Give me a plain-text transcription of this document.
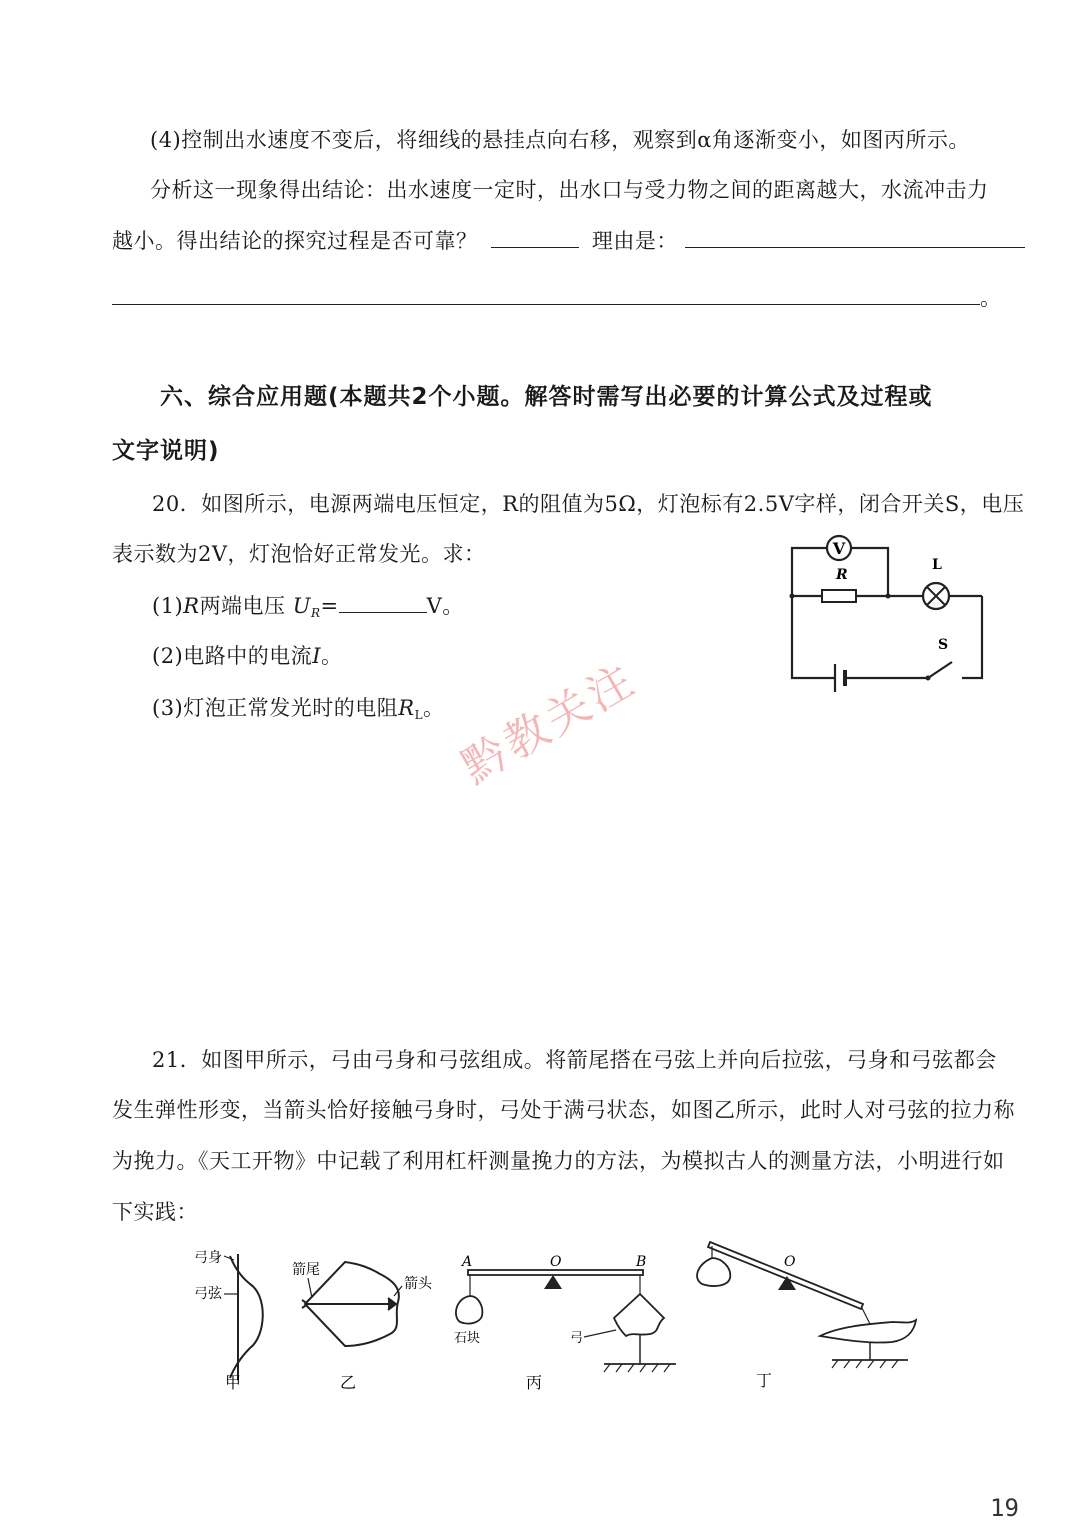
(4)控制出水速度不变后，将细线的悬挂点向右移，观察到α角逐渐变小，如图丙所示。
分析这一现象得出结论：出水速度一定时，出水口与受力物之间的距离越大，水流冲击力
越小。得出结论的探究过程是否可靠？	理由是：
。
六、综合应用题(本题共2个小题。解答时需写出必要的计算公式及过程或
文字说明)
20．如图所示，电源两端电压恒定，R的阻值为5Ω，灯泡标有2.5V字样，闭合开关S，电压
表示数为2V，灯泡恰好正常发光。求：
(1)R两端电压 $U_R=$	V。
(2)电路中的电流I。
(3)灯泡正常发光时的电阻$R_L$。
V
R
L
S
黔教关注
21．如图甲所示，弓由弓身和弓弦组成。将箭尾搭在弓弦上并向后拉弦，弓身和弓弦都会
发生弹性形变，当箭头恰好接触弓身时，弓处于满弓状态，如图乙所示，此时人对弓弦的拉力称
为挽力。《天工开物》中记载了利用杠杆测量挽力的方法，为模拟古人的测量方法，小明进行如
下实践：
弓身
弓弦
甲
箭尾
箭头
乙
A	O	B
石块	弓
丙
O
丁
19
